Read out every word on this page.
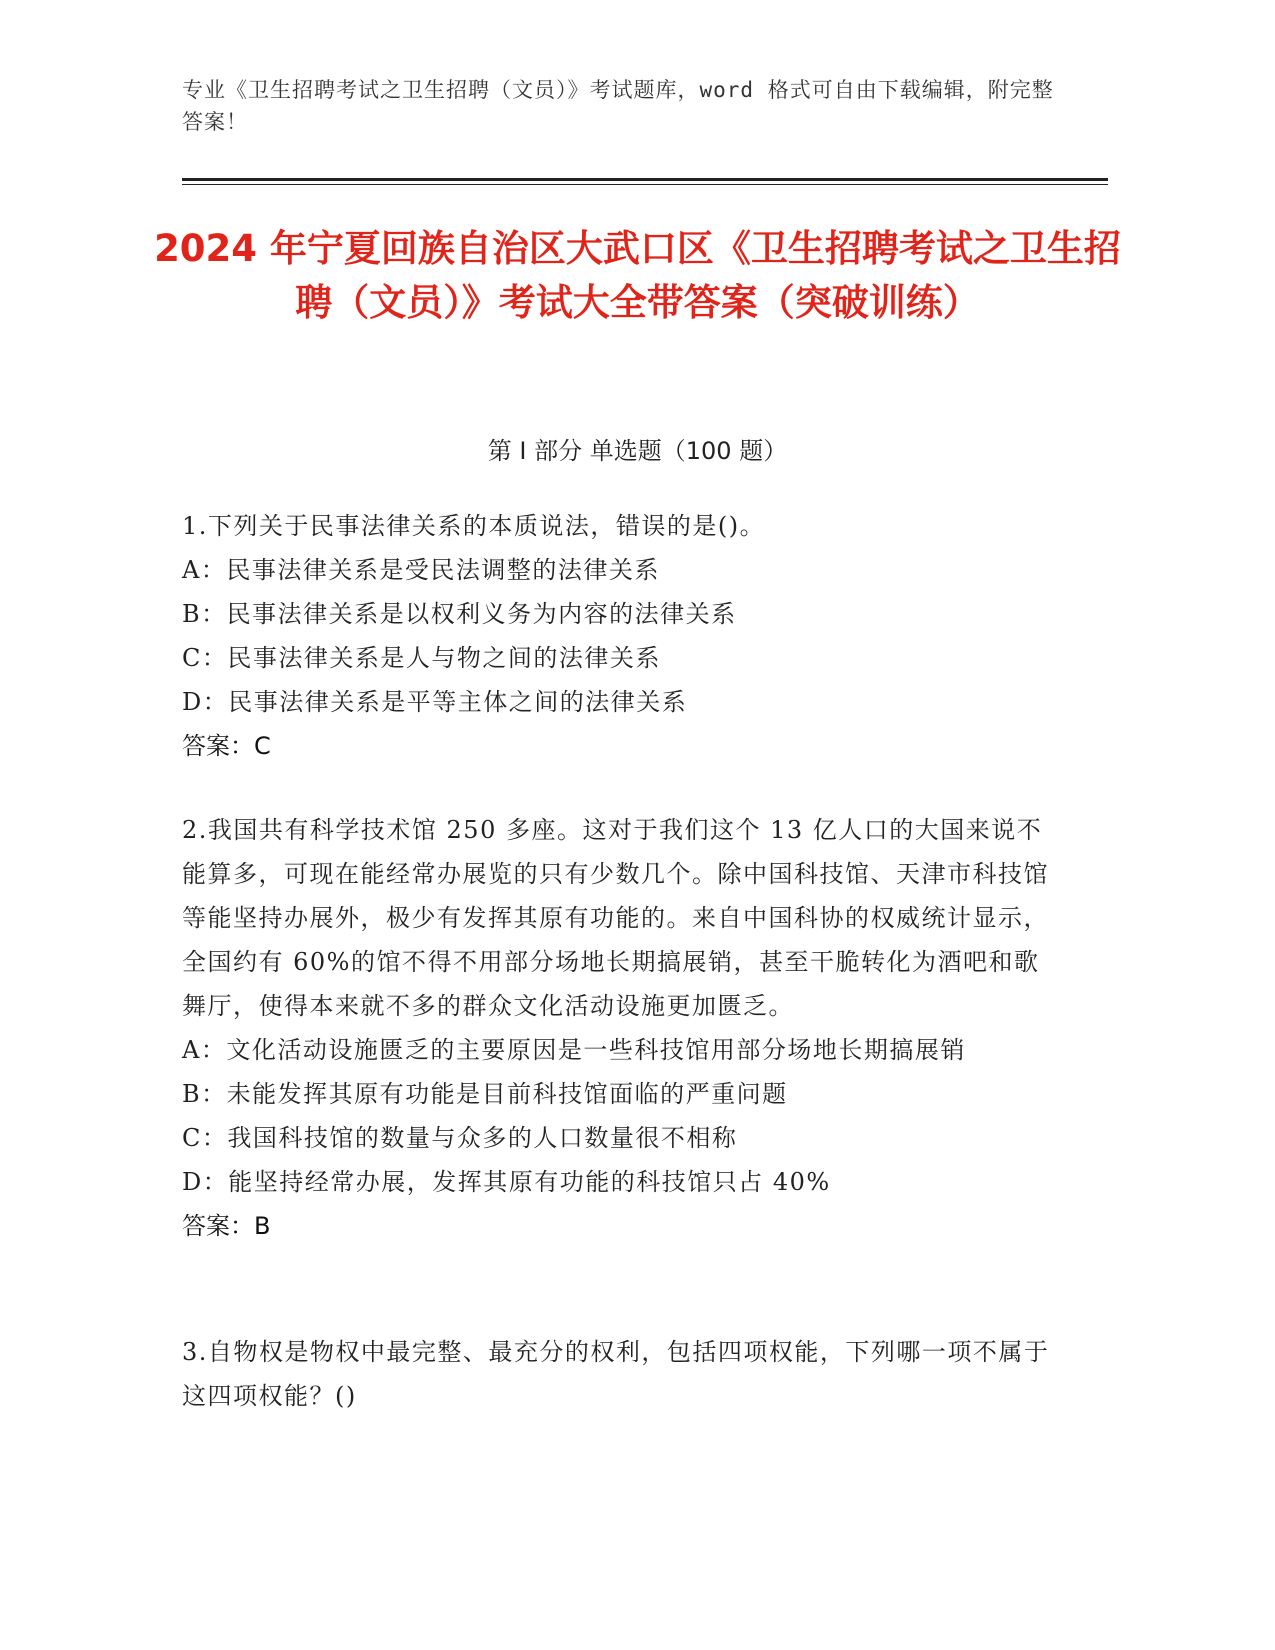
专业《卫生招聘考试之卫生招聘（文员）》考试题库，word 格式可自由下载编辑，附完整答案！
2024 年宁夏回族自治区大武口区《卫生招聘考试之卫生招聘（文员）》考试大全带答案（突破训练）
第 I 部分 单选题（100 题）
1.下列关于民事法律关系的本质说法，错误的是()。
A：民事法律关系是受民法调整的法律关系
B：民事法律关系是以权利义务为内容的法律关系
C：民事法律关系是人与物之间的法律关系
D：民事法律关系是平等主体之间的法律关系
答案：C
2.我国共有科学技术馆 250 多座。这对于我们这个 13 亿人口的大国来说不能算多，可现在能经常办展览的只有少数几个。除中国科技馆、天津市科技馆等能坚持办展外，极少有发挥其原有功能的。来自中国科协的权威统计显示，全国约有 60%的馆不得不用部分场地长期搞展销，甚至干脆转化为酒吧和歌舞厅，使得本来就不多的群众文化活动设施更加匮乏。
A：文化活动设施匮乏的主要原因是一些科技馆用部分场地长期搞展销
B：未能发挥其原有功能是目前科技馆面临的严重问题
C：我国科技馆的数量与众多的人口数量很不相称
D：能坚持经常办展，发挥其原有功能的科技馆只占 40%
答案：B
3.自物权是物权中最完整、最充分的权利，包括四项权能，下列哪一项不属于这四项权能？()
